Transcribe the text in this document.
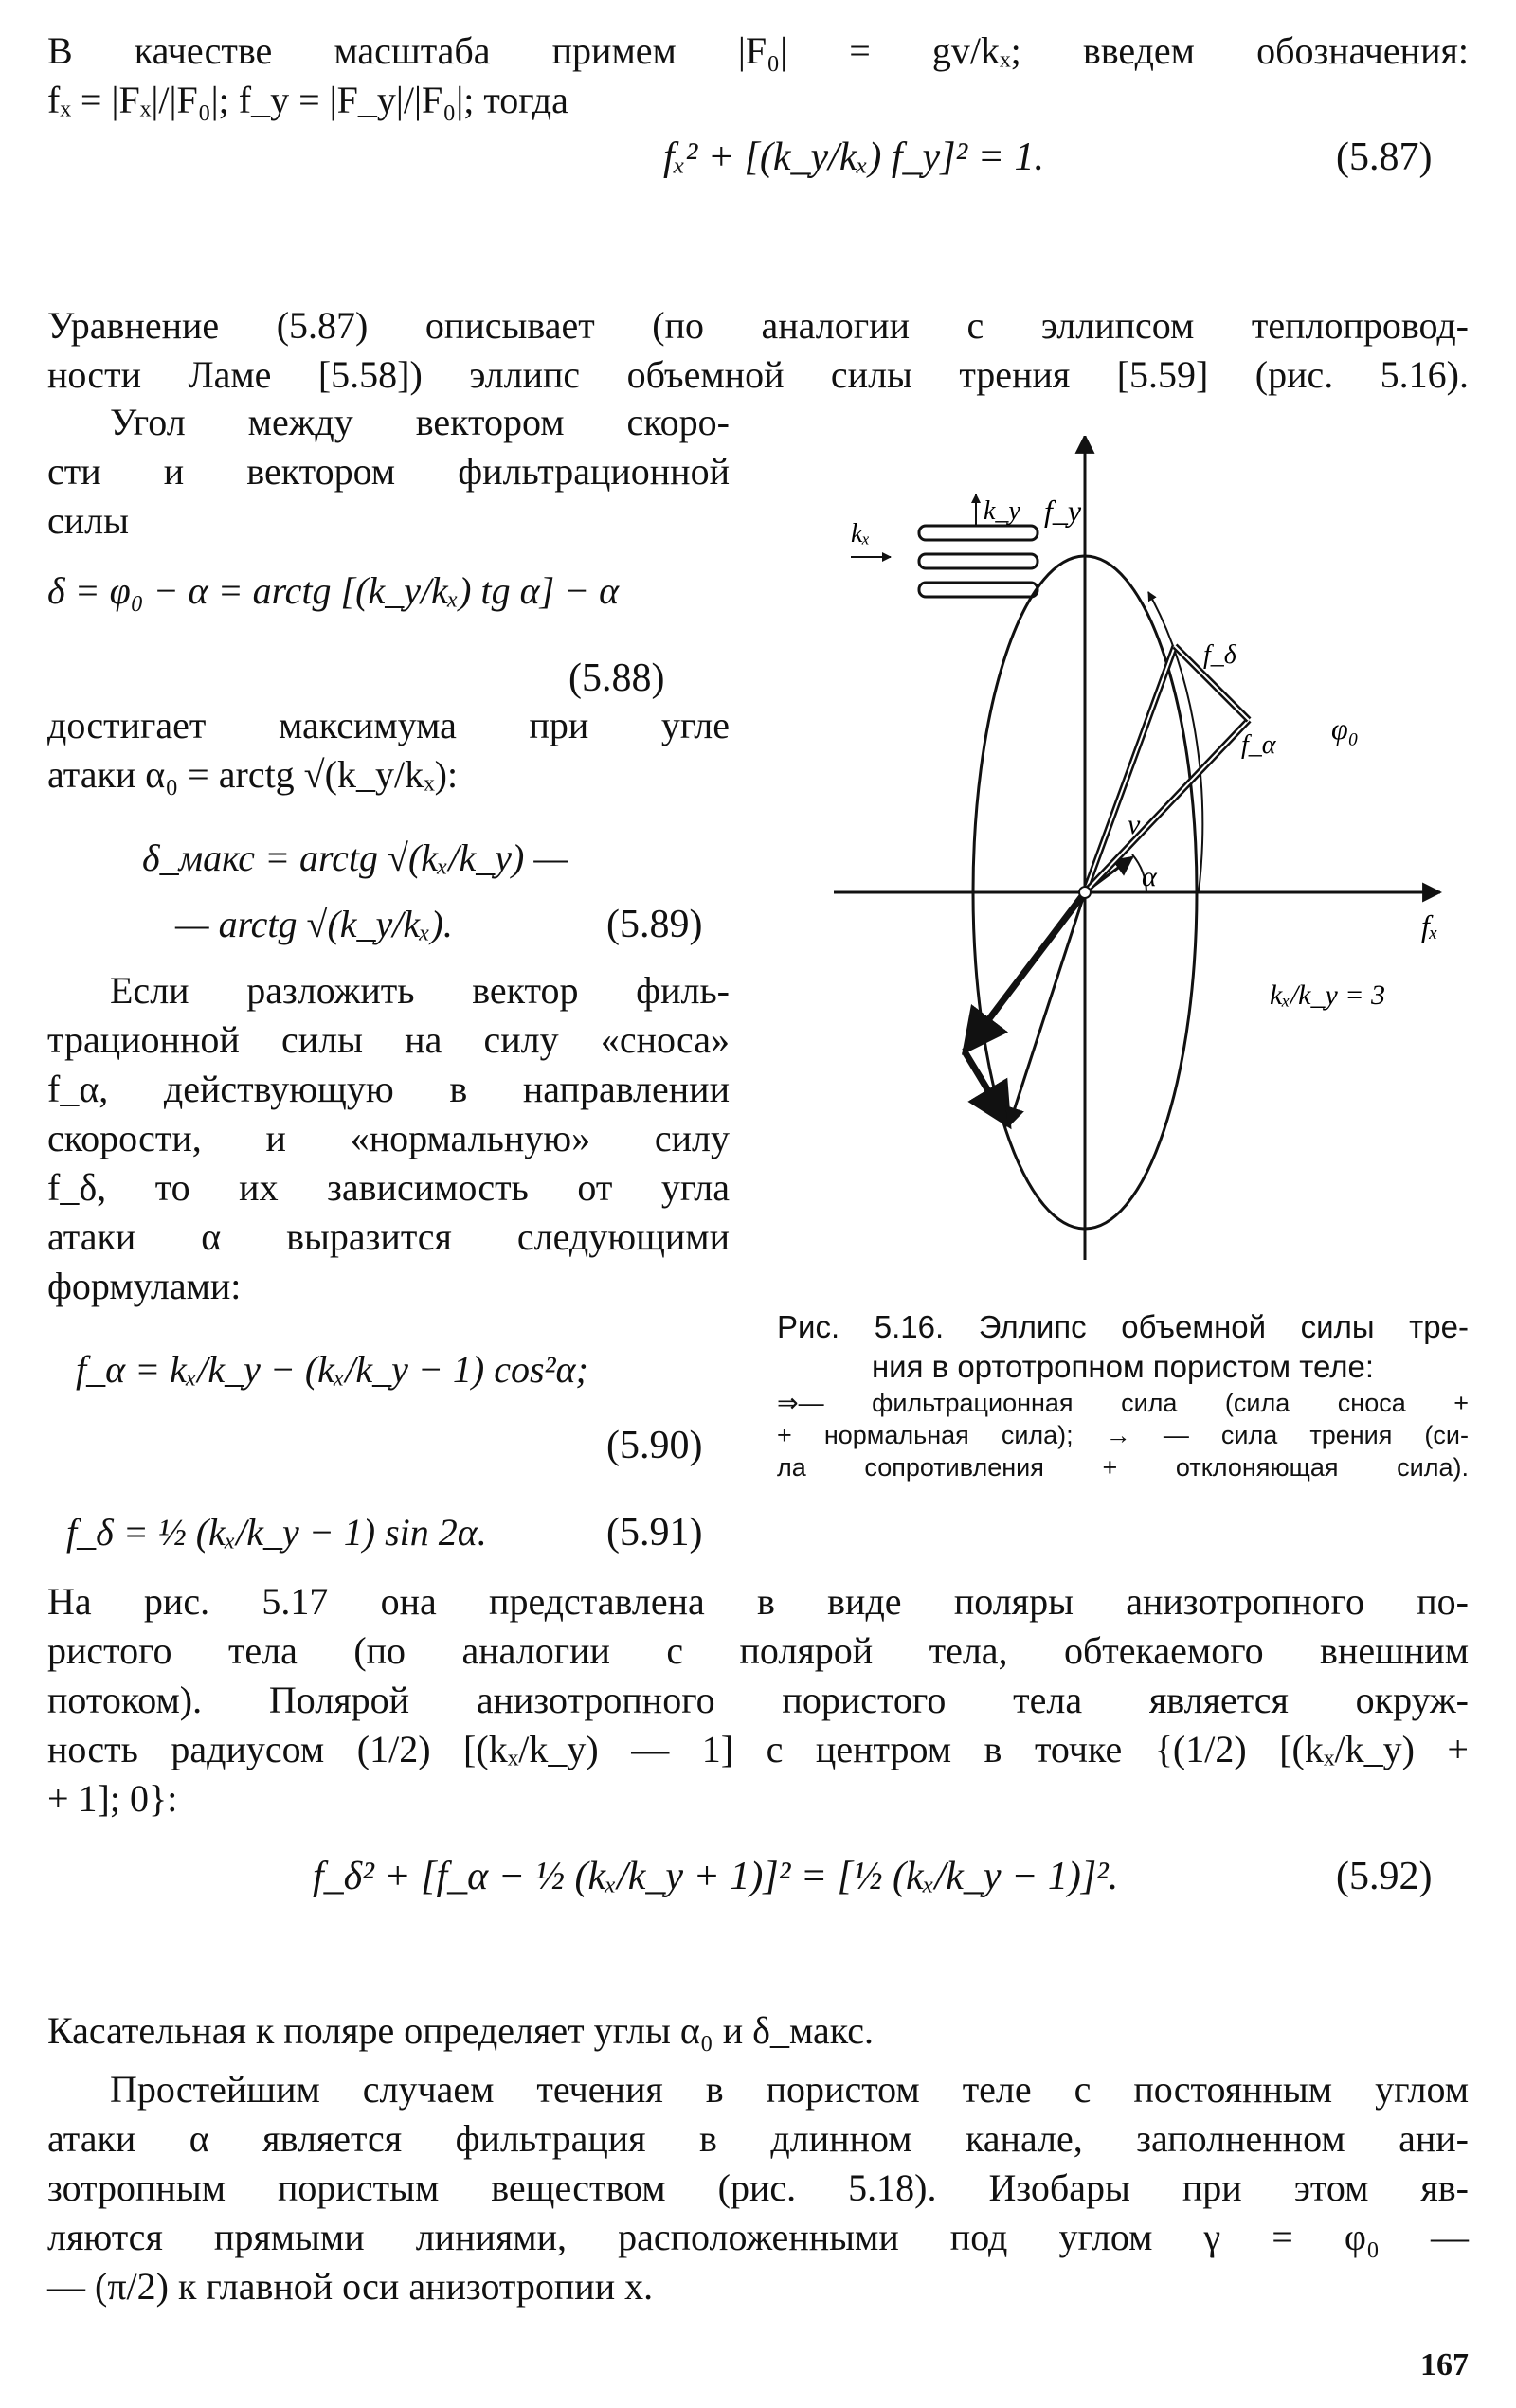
В качестве масштаба примем |F₀| = gv/kₓ; введем обозначения:
fₓ = |Fₓ|/|F₀|; f_y = |F_y|/|F₀|; тогда
fₓ² + [(k_y/kₓ) f_y]² = 1.	(5.87)
Уравнение (5.87) описывает (по аналогии с эллипсом теплопровод-
ности Ламе [5.58]) эллипс объемной силы трения [5.59] (рис. 5.16).
Угол между вектором скоро-
сти и вектором фильтрационной
силы
δ = φ₀ − α = arctg [(k_y/kₓ) tg α] − α
(5.88)
достигает максимума при угле
атаки α₀ = arctg √(k_y/kₓ):
δ_макс = arctg √(kₓ/k_y) —
— arctg √(k_y/kₓ).	(5.89)
Если разложить вектор филь-
трационной силы на силу «сноса»
f_α, действующую в направлении
скорости, и «нормальную» силу
f_δ, то их зависимость от угла
атаки α выразится следующими
формулами:
f_α = kₓ/k_y − (kₓ/k_y − 1) cos²α;
(5.90)
f_δ = ½ (kₓ/k_y − 1) sin 2α.	(5.91)
k_y
kₓ
f_y
fₓ
f_δ
f_α
v
α
φ₀
kₓ/k_y = 3
Рис. 5.16. Эллипс объемной силы тре-
ния в ортотропном пористом теле:
⇒— фильтрационная сила (сила сноса +
+ нормальная сила); → — сила трения (си-
ла сопротивления + отклоняющая сила).
На рис. 5.17 она представлена в виде поляры анизотропного по-
ристого тела (по аналогии с полярой тела, обтекаемого внешним
потоком). Полярой анизотропного пористого тела является окруж-
ность радиусом (1/2) [(kₓ/k_y) — 1] с центром в точке {(1/2) [(kₓ/k_y) +
+ 1]; 0}:
f_δ² + [f_α − ½ (kₓ/k_y + 1)]² = [½ (kₓ/k_y − 1)]².	(5.92)
Касательная к поляре определяет углы α₀ и δ_макс.
Простейшим случаем течения в пористом теле с постоянным углом
атаки α является фильтрация в длинном канале, заполненном ани-
зотропным пористым веществом (рис. 5.18). Изобары при этом яв-
ляются прямыми линиями, расположенными под углом γ = φ₀ —
— (π/2) к главной оси анизотропии x.
167
